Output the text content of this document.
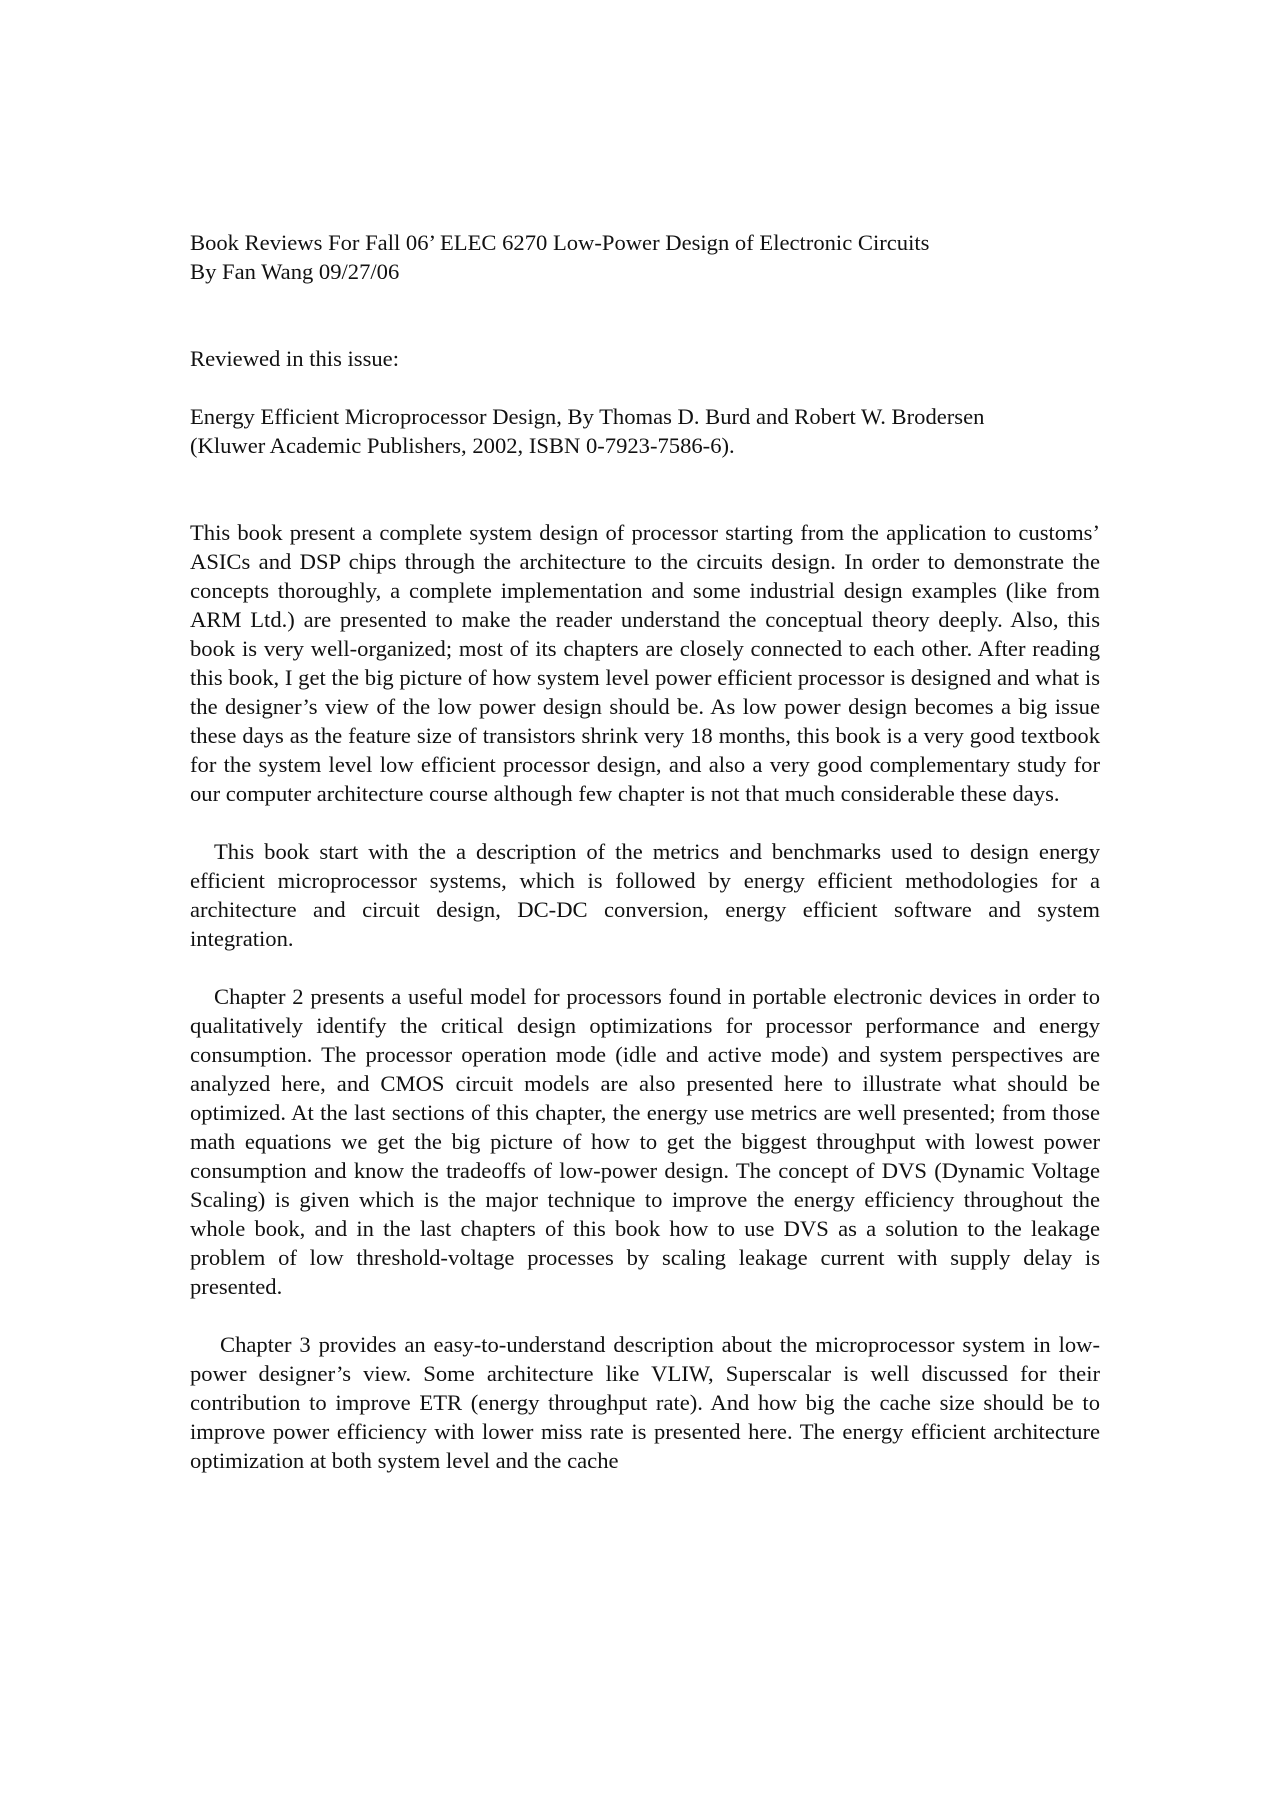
Book Reviews For Fall 06’ ELEC 6270 Low-Power Design of Electronic Circuits

By Fan Wang 09/27/06

Reviewed in this issue:

Energy Efficient Microprocessor Design, By Thomas D. Burd and Robert W. Brodersen
(Kluwer Academic Publishers, 2002, ISBN 0-7923-7586-6).

This book present a complete system design of processor starting from the application to customs’ ASICs and DSP chips through the architecture to the circuits design. In order to demonstrate the concepts thoroughly, a complete implementation and some industrial design examples (like from ARM Ltd.) are presented to make the reader understand the conceptual theory deeply. Also, this book is very well-organized; most of its chapters are closely connected to each other. After reading this book, I get the big picture of how system level power efficient processor is designed and what is the designer’s view of the low power design should be. As low power design becomes a big issue these days as the feature size of transistors shrink very 18 months, this book is a very good textbook for the system level low efficient processor design, and also a very good complementary study for our computer architecture course although few chapter is not that much considerable these days.

This book start with the a description of the metrics and benchmarks used to design energy efficient microprocessor systems, which is followed by energy efficient methodologies for a architecture and circuit design, DC-DC conversion, energy efficient software and system integration.

Chapter 2 presents a useful model for processors found in portable electronic devices in order to qualitatively identify the critical design optimizations for processor performance and energy consumption. The processor operation mode (idle and active mode) and system perspectives are analyzed here, and CMOS circuit models are also presented here to illustrate what should be optimized. At the last sections of this chapter, the energy use metrics are well presented; from those math equations we get the big picture of how to get the biggest throughput with lowest power consumption and know the tradeoffs of low-power design. The concept of DVS (Dynamic Voltage Scaling) is given which is the major technique to improve the energy efficiency throughout the whole book, and in the last chapters of this book how to use DVS as a solution to the leakage problem of low threshold-voltage processes by scaling leakage current with supply delay is presented.

Chapter 3 provides an easy-to-understand description about the microprocessor system in low-power designer’s view. Some architecture like VLIW, Superscalar is well discussed for their contribution to improve ETR (energy throughput rate). And how big the cache size should be to improve power efficiency with lower miss rate is presented here. The energy efficient architecture optimization at both system level and the cache
